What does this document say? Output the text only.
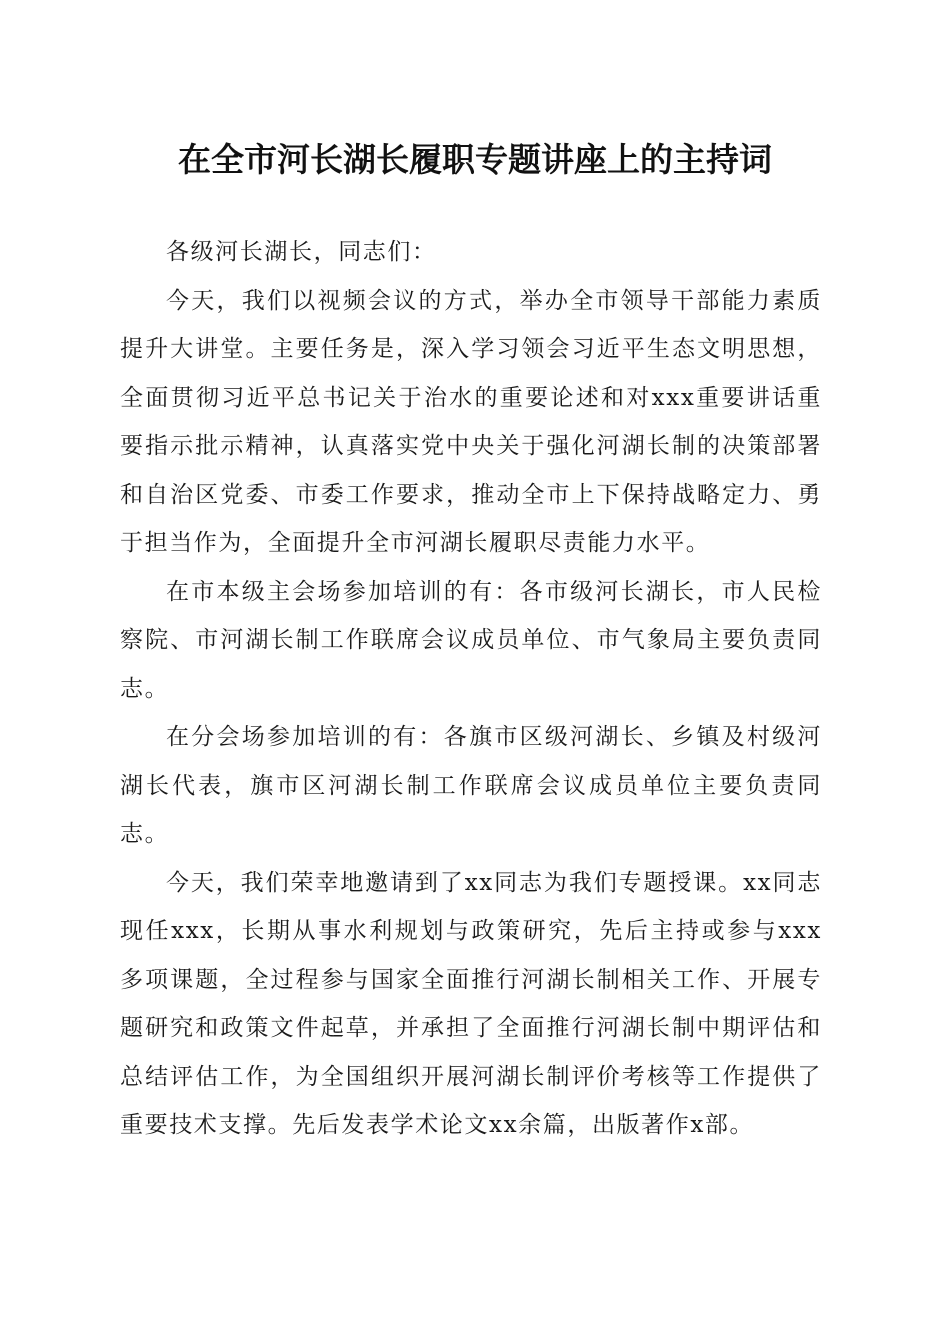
在全市河长湖长履职专题讲座上的主持词

各级河长湖长，同志们：

今天，我们以视频会议的方式，举办全市领导干部能力素质提升大讲堂。主要任务是，深入学习领会习近平生态文明思想，全面贯彻习近平总书记关于治水的重要论述和对xxx重要讲话重要指示批示精神，认真落实党中央关于强化河湖长制的决策部署和自治区党委、市委工作要求，推动全市上下保持战略定力、勇于担当作为，全面提升全市河湖长履职尽责能力水平。

在市本级主会场参加培训的有：各市级河长湖长，市人民检察院、市河湖长制工作联席会议成员单位、市气象局主要负责同志。

在分会场参加培训的有：各旗市区级河湖长、乡镇及村级河湖长代表，旗市区河湖长制工作联席会议成员单位主要负责同志。

今天，我们荣幸地邀请到了xx同志为我们专题授课。xx同志现任xxx，长期从事水利规划与政策研究，先后主持或参与xxx多项课题，全过程参与国家全面推行河湖长制相关工作、开展专题研究和政策文件起草，并承担了全面推行河湖长制中期评估和总结评估工作，为全国组织开展河湖长制评价考核等工作提供了重要技术支撑。先后发表学术论文xx余篇，出版著作x部。
